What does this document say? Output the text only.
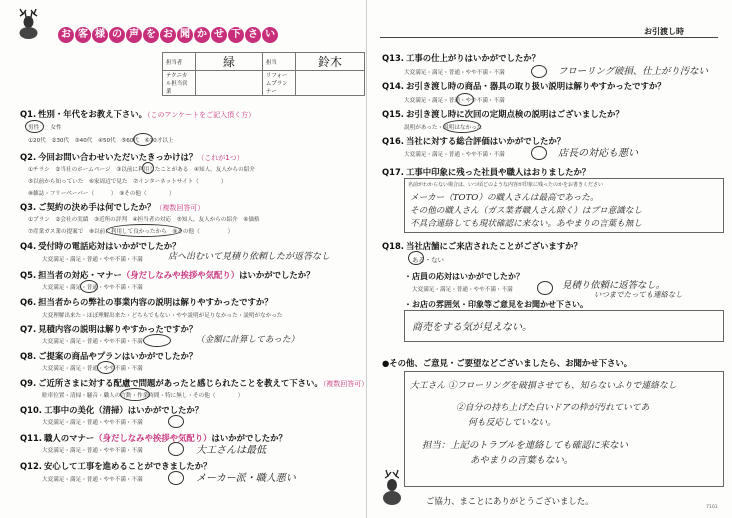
お 客 様 の 声 を お 聞 か せ 下 さ い	お引渡し時
担当者	緑	担当	鈴木
テクニカル担当営業		リフォームプランナー	
Q1. 性別・年代をお教え下さい。（このアンケートをご記入頂く方）
男性　　女性
①20代　②30代　③40代　④50代　⑤60代　⑥70才以上
Q2. 今回お問い合わせいただいたきっかけは？（これが1つ）
①チラシ　②当社のホームページ　③以前に利用したことがある　④知人、友人からの紹介
⑤以前から知っていた　⑥家周辺で見た　⑦インターネットサイト（　　　　）
⑧雑誌・フリーペーパー（　　　）　⑨その他（　　　　）
Q3. ご契約の決め手は何でしたか？（複数回答可）
①プラン　②会社の実績　③近所の評判　④担当者の対応　⑤知人、友人からの紹介　⑥価格
⑦産業ガス業の提案で　⑧以前に利用して良かったから　⑨その他（　　　　　）
Q4. 受付時の電話応対はいかがでしたか？
大変満足・満足・普通・やや不満・不満	店へ出むいて見積り依頼したが返答なし
Q5. 担当者の対応・マナー（身だしなみや挨拶や気配り）はいかがでしたか？
大変満足・満足・普通・やや不満・不満
Q6. 担当者からの弊社の事業内容の説明は解りやすかったですか？
大変理解出来た・ほぼ理解出来た・どちらでもない・やや説明が足りなかった・説明がなかった
Q7. 見積内容の説明は解りやすかったですか？
大変満足・満足・普通・やや不満・不満	（金額に計算してあった）
Q8. ご提案の商品やプランはいかがでしたか？
大変満足・満足・普通・やや不満・不満
Q9. ご近所さまに対する配慮で問題があったと感じられたことを教えて下さい。（複数回答可）
駐車位置・清掃・騒音・職人の言動・作業時間・特に無し・その他（　　　　）
Q10. 工事中の美化（清掃）はいかがでしたか？
大変満足・満足・普通・やや不満・不満
Q11. 職人のマナー（身だしなみや挨拶や気配り）はいかがでしたか？
大変満足・満足・普通・やや不満・不満	大工さんは最低
Q12. 安心して工事を進めることができましたか？
大変満足・満足・普通・やや不満・不満	メーカー派・職人悪い
Q13. 工事の仕上がりはいかがでしたか？
大変満足・満足・普通・やや不満・不満	フローリング破損、仕上がり汚ない
Q14. お引き渡し時の商品・器具の取り扱い説明は解りやすかったですか？
大変満足・満足・普通・やや不満・不満
Q15. お引き渡し時に次回の定期点検の説明はございましたか？
説明があった・説明はなかった
Q16. 当社に対する総合評価はいかがでしたか？
大変満足・満足・普通・やや不満・不満	店長の対応も悪い
Q17. 工事中印象に残った社員や職人はおりましたか？
名前がわからない場合は、いつ頃どのような内容が印象に残ったのかをお書きください
メーカー（TOTO）の職人さんは最高であった。
その他の職人さん（ガス業者職人さん除く）はプロ意識なし
不具合連絡しても現状確認に来ない。あやまりの言葉も無し
Q18. 当社店舗にご来店されたことがございますか？
ある・ない
・店員の応対はいかがでしたか？
大変満足・満足・普通・やや不満・不満	見積り依頼に返答なし。
いつまでたっても連絡なし
・お店の雰囲気・印象等ご意見をお聞かせ下さい。
商売をする気が見えない。
●その他、ご意見・ご要望などございましたら、お聞かせ下さい。
大工さん ①フローリングを破損させても、知らないふりで連絡なし
②自分の持ち上げた白いドアの枠が汚れていてあ
何も反応していない。
担当：上記のトラブルを連絡しても確認に来ない
あやまりの言葉もない。
ご協力、まことにありがとうございました。
7101
